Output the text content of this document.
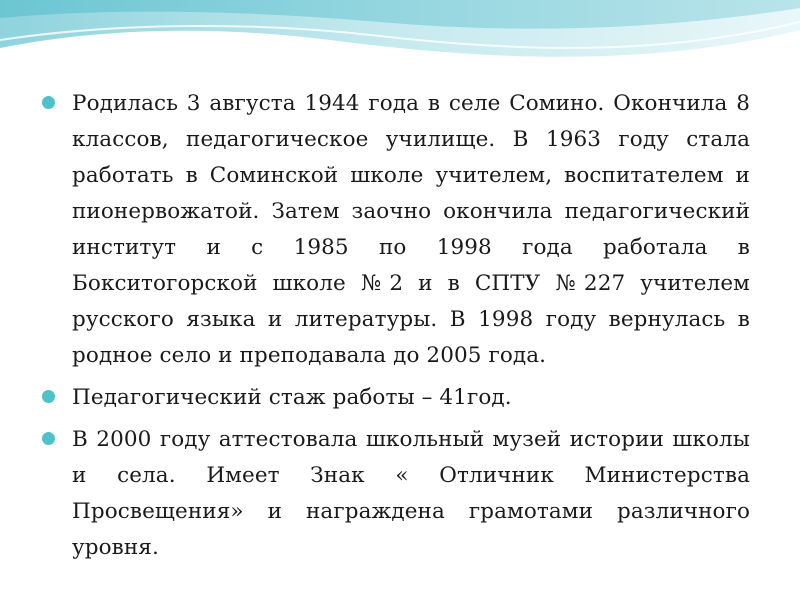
Родилась 3 августа 1944 года в селе Сомино. Окончила 8 классов, педагогическое училище. В 1963 году стала работать в Соминской школе учителем, воспитателем и пионервожатой. Затем заочно окончила педагогический институт и с 1985 по 1998 года работала в Бокситогорской школе №2 и в СПТУ №227 учителем русского языка и литературы. В 1998 году вернулась в родное село и преподавала до 2005 года.
Педагогический стаж работы – 41год.
В 2000 году аттестовала школьный музей истории школы и села. Имеет Знак « Отличник Министерства Просвещения» и награждена грамотами различного уровня.
